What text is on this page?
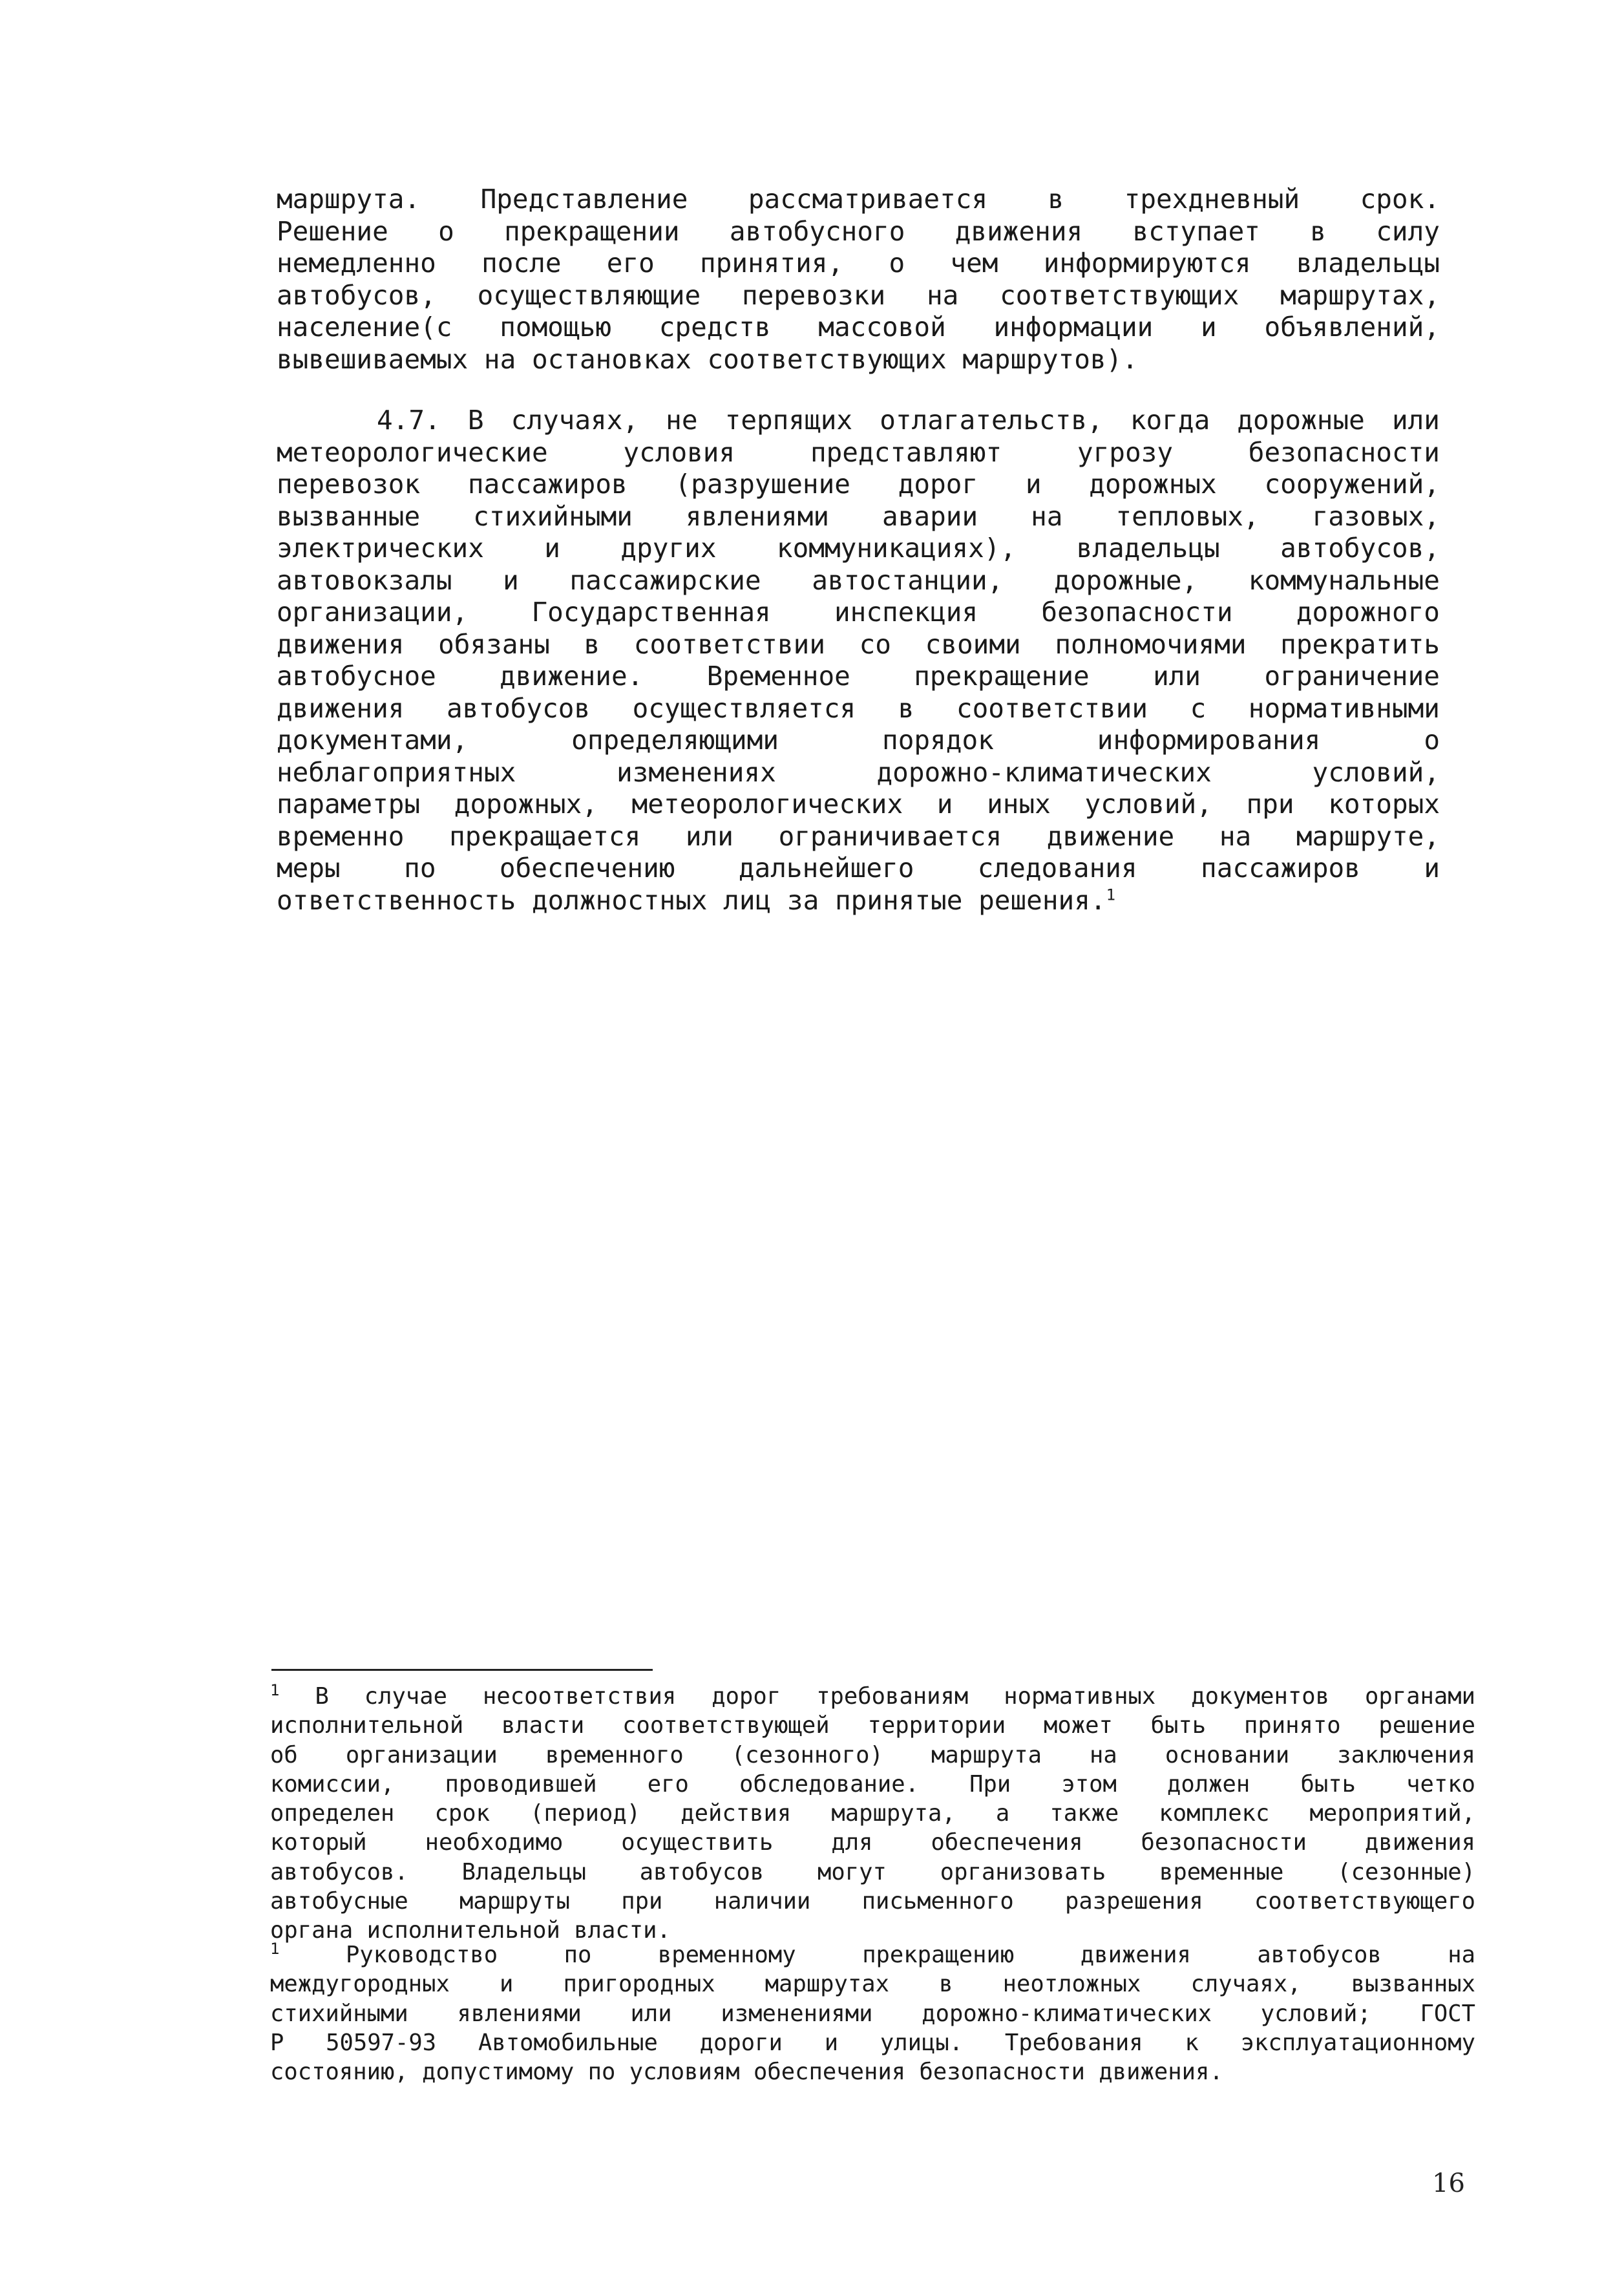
маршрута. Представление рассматривается в трехдневный срок.
Решение о прекращении автобусного движения вступает в силу
немедленно после его принятия, о чем информируются владельцы
автобусов, осуществляющие перевозки на соответствующих маршрутах,
население(с помощью средств массовой информации и объявлений,
вывешиваемых на остановках соответствующих маршрутов).
4.7. В случаях, не терпящих отлагательств, когда дорожные или
метеорологические условия представляют угрозу безопасности
перевозок пассажиров (разрушение дорог и дорожных сооружений,
вызванные стихийными явлениями аварии на тепловых, газовых,
электрических и других коммуникациях), владельцы автобусов,
автовокзалы и пассажирские автостанции, дорожные, коммунальные
организации, Государственная инспекция безопасности дорожного
движения обязаны в соответствии со своими полномочиями прекратить
автобусное движение. Временное прекращение или ограничение
движения автобусов осуществляется в соответствии с нормативными
документами, определяющими порядок информирования о
неблагоприятных изменениях дорожно-климатических условий,
параметры дорожных, метеорологических и иных условий, при которых
временно прекращается или ограничивается движение на маршруте,
меры по обеспечению дальнейшего следования пассажиров и
ответственность должностных лиц за принятые решения.$^1$
$^1$ В случае несоответствия дорог требованиям нормативных документов органами
исполнительной власти соответствующей территории может быть принято решение
об организации временного (сезонного) маршрута на основании заключения
комиссии, проводившей его обследование. При этом должен быть четко
определен срок (период) действия маршрута, а также комплекс мероприятий,
который необходимо осуществить для обеспечения безопасности движения
автобусов. Владельцы автобусов могут организовать временные (сезонные)
автобусные маршруты при наличии письменного разрешения соответствующего
органа исполнительной власти.
$^1$ Руководство по временному прекращению движения автобусов на
междугородных и пригородных маршрутах в неотложных случаях, вызванных
стихийными явлениями или изменениями дорожно-климатических условий; ГОСТ
Р 50597-93 Автомобильные дороги и улицы. Требования к эксплуатационному
состоянию, допустимому по условиям обеспечения безопасности движения.
16
